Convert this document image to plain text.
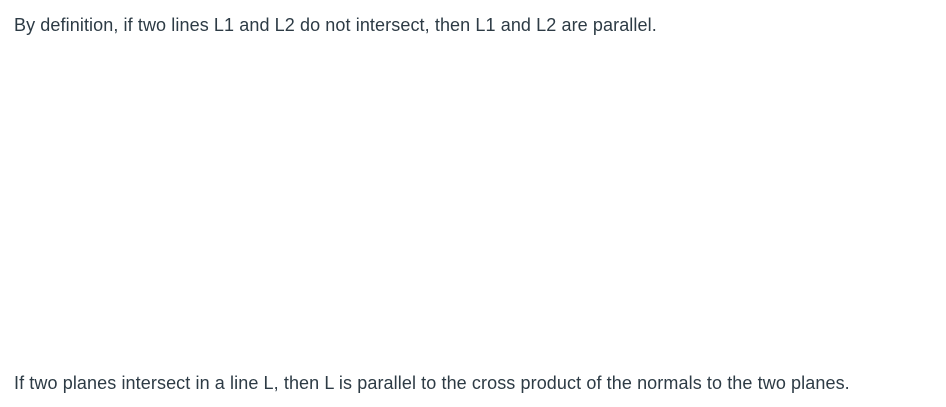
By definition, if two lines L1 and L2 do not intersect, then L1 and L2 are parallel.
If two planes intersect in a line L, then L is parallel to the cross product of the normals to the two planes.
